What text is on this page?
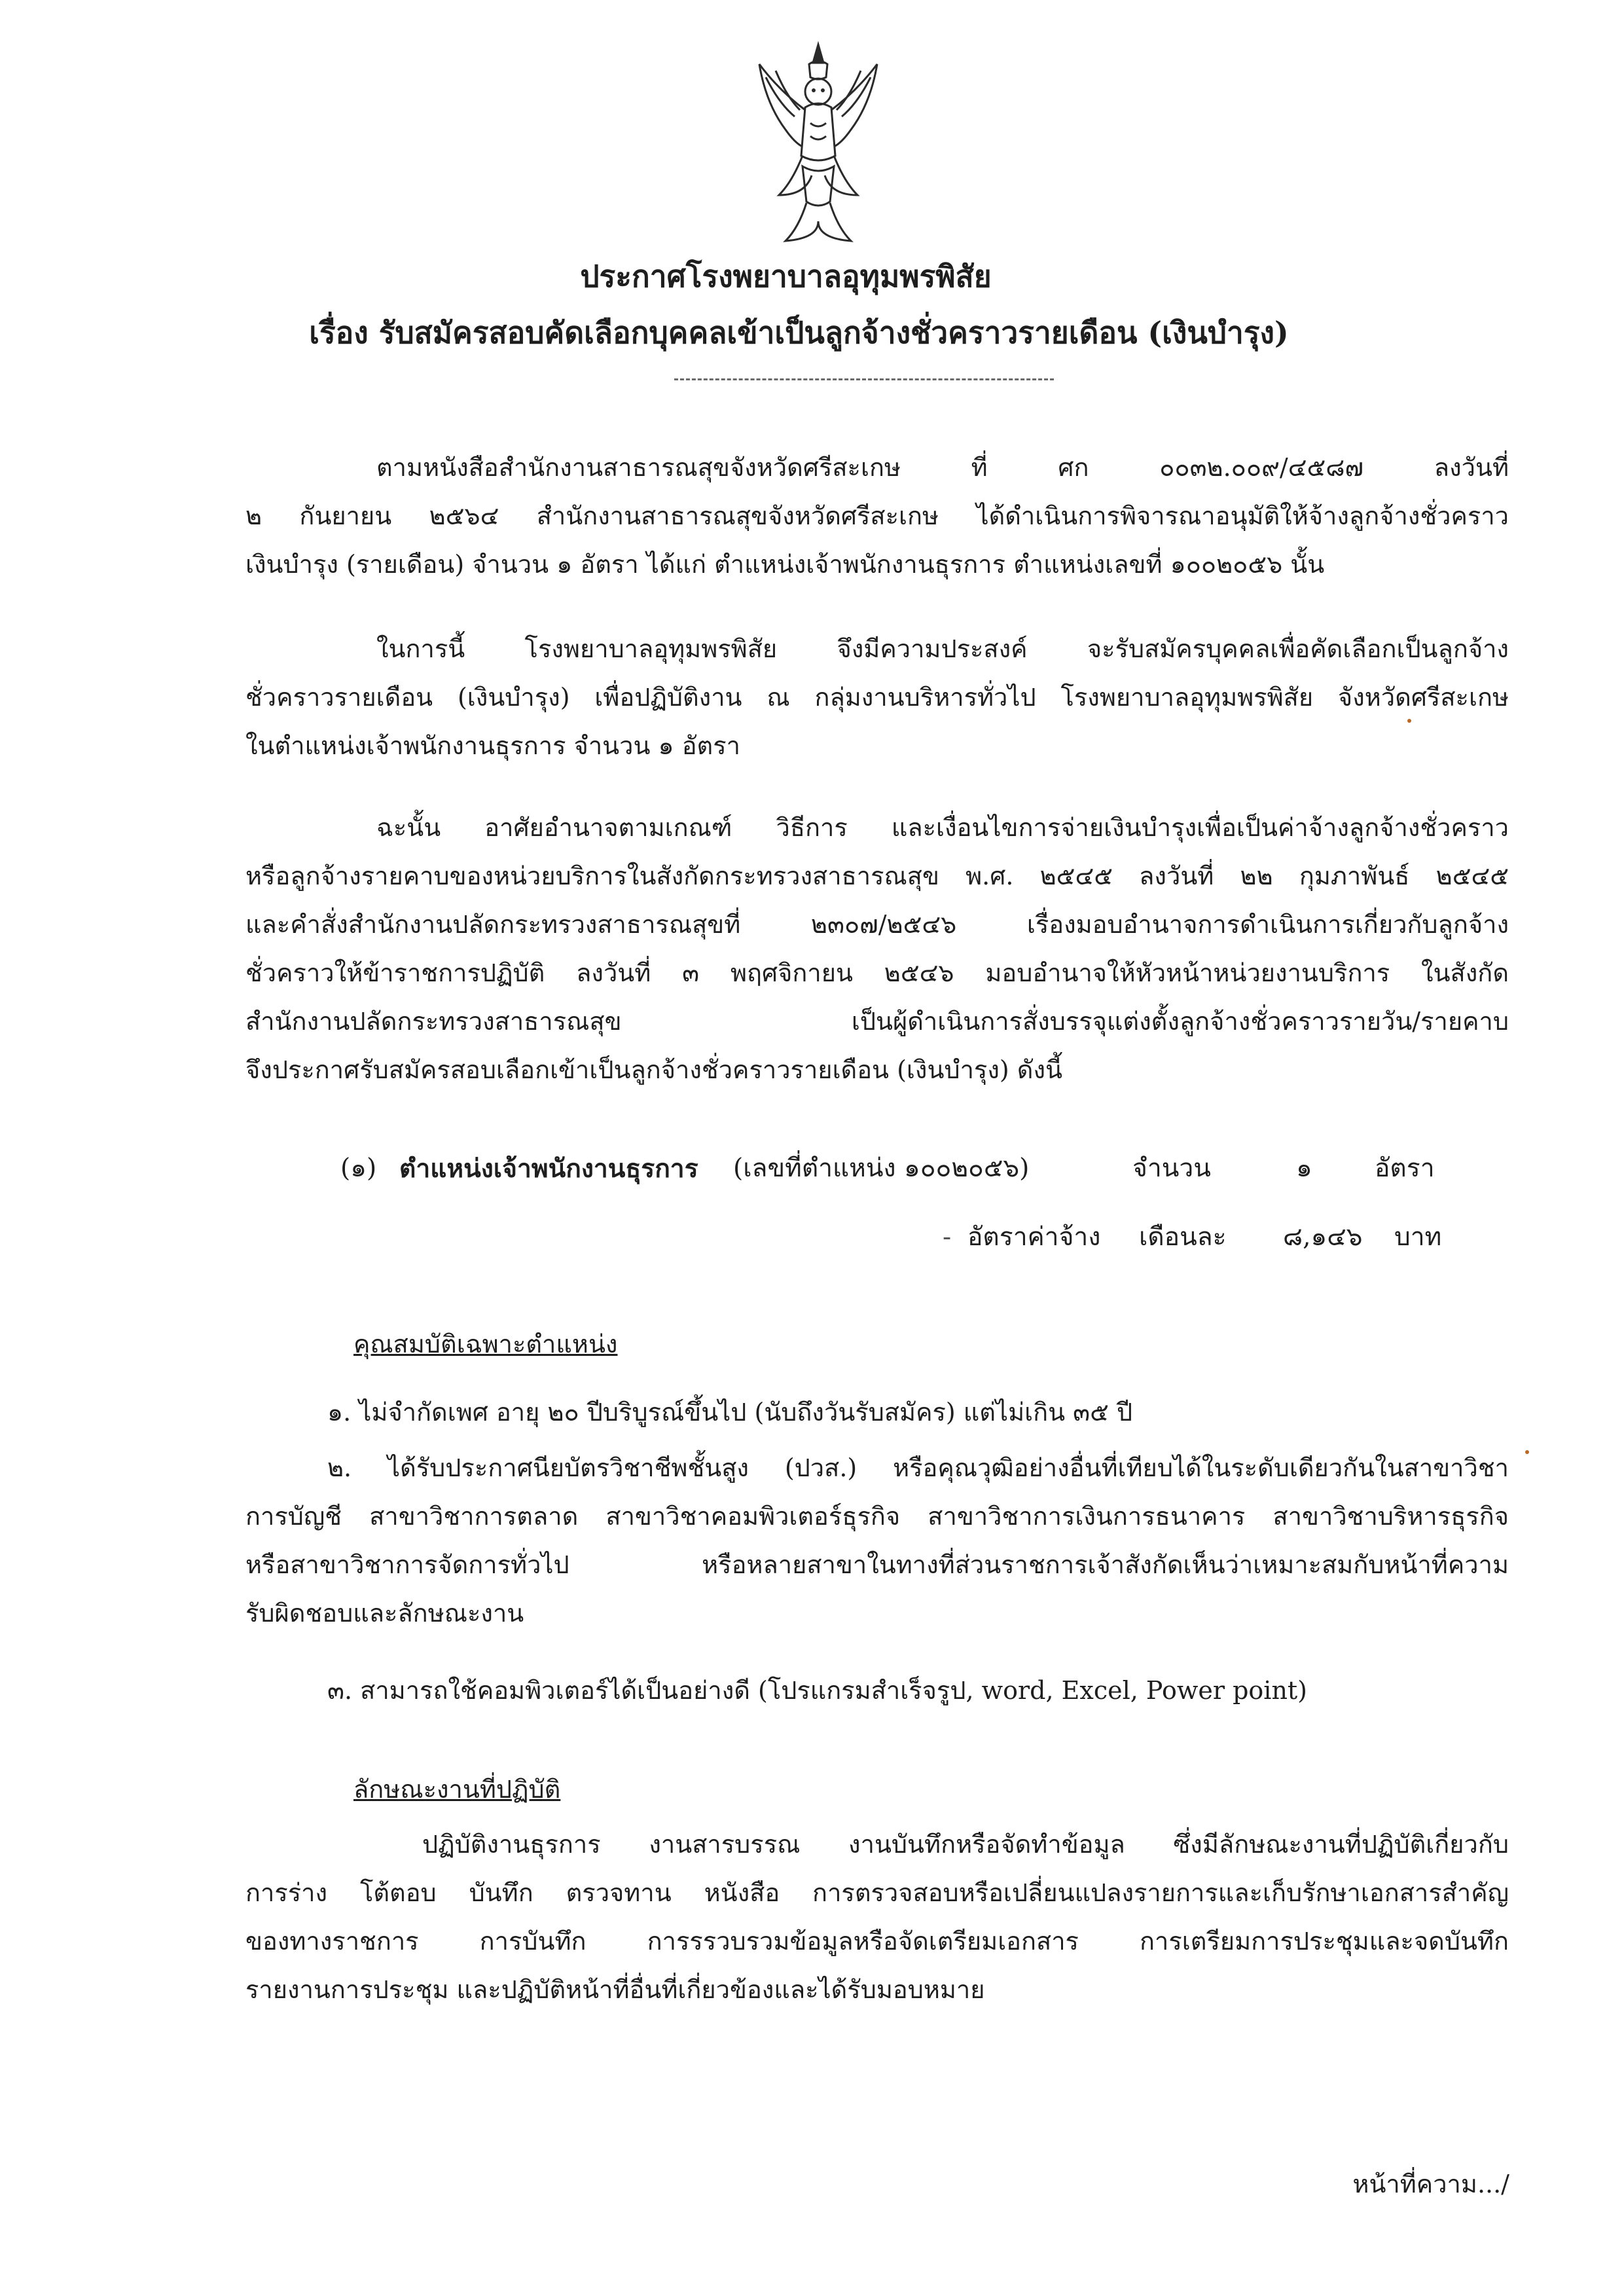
ประกาศโรงพยาบาลอุทุมพรพิสัย
เรื่อง รับสมัครสอบคัดเลือกบุคคลเข้าเป็นลูกจ้างชั่วคราวรายเดือน (เงินบำรุง)
ตามหนังสือสำนักงานสาธารณสุขจังหวัดศรีสะเกษ ที่ ศก ๐๐๓๒.๐๐๙/๔๕๘๗ ลงวันที่
๒ กันยายน ๒๕๖๔ สำนักงานสาธารณสุขจังหวัดศรีสะเกษ ได้ดำเนินการพิจารณาอนุมัติให้จ้างลูกจ้างชั่วคราว
เงินบำรุง (รายเดือน) จำนวน ๑ อัตรา ได้แก่ ตำแหน่งเจ้าพนักงานธุรการ ตำแหน่งเลขที่ ๑๐๐๒๐๕๖ นั้น
ในการนี้ โรงพยาบาลอุทุมพรพิสัย จึงมีความประสงค์ จะรับสมัครบุคคลเพื่อคัดเลือกเป็นลูกจ้าง
ชั่วคราวรายเดือน (เงินบำรุง) เพื่อปฏิบัติงาน ณ กลุ่มงานบริหารทั่วไป โรงพยาบาลอุทุมพรพิสัย จังหวัดศรีสะเกษ
ในตำแหน่งเจ้าพนักงานธุรการ จำนวน ๑ อัตรา
ฉะนั้น อาศัยอำนาจตามเกณฑ์ วิธีการ และเงื่อนไขการจ่ายเงินบำรุงเพื่อเป็นค่าจ้างลูกจ้างชั่วคราว
หรือลูกจ้างรายคาบของหน่วยบริการในสังกัดกระทรวงสาธารณสุข พ.ศ. ๒๕๔๕ ลงวันที่ ๒๒ กุมภาพันธ์ ๒๕๔๕
และคำสั่งสำนักงานปลัดกระทรวงสาธารณสุขที่ ๒๓๐๗/๒๕๔๖ เรื่องมอบอำนาจการดำเนินการเกี่ยวกับลูกจ้าง
ชั่วคราวให้ข้าราชการปฏิบัติ ลงวันที่ ๓ พฤศจิกายน ๒๕๔๖ มอบอำนาจให้หัวหน้าหน่วยงานบริการ ในสังกัด
สำนักงานปลัดกระทรวงสาธารณสุข เป็นผู้ดำเนินการสั่งบรรจุแต่งตั้งลูกจ้างชั่วคราวรายวัน/รายคาบ
จึงประกาศรับสมัครสอบเลือกเข้าเป็นลูกจ้างชั่วคราวรายเดือน (เงินบำรุง) ดังนี้
(๑) ตำแหน่งเจ้าพนักงานธุรการ (เลขที่ตำแหน่ง ๑๐๐๒๐๕๖)	จำนวน	๑ อัตรา
- อัตราค่าจ้าง เดือนละ ๘,๑๔๖ บาท
คุณสมบัติเฉพาะตำแหน่ง
๑. ไม่จำกัดเพศ อายุ ๒๐ ปีบริบูรณ์ขึ้นไป (นับถึงวันรับสมัคร) แต่ไม่เกิน ๓๕ ปี
๒. ได้รับประกาศนียบัตรวิชาชีพชั้นสูง (ปวส.) หรือคุณวุฒิอย่างอื่นที่เทียบได้ในระดับเดียวกันในสาขาวิชา
การบัญชี สาขาวิชาการตลาด สาขาวิชาคอมพิวเตอร์ธุรกิจ สาขาวิชาการเงินการธนาคาร สาขาวิชาบริหารธุรกิจ
หรือสาขาวิชาการจัดการทั่วไป หรือหลายสาขาในทางที่ส่วนราชการเจ้าสังกัดเห็นว่าเหมาะสมกับหน้าที่ความ
รับผิดชอบและลักษณะงาน
๓. สามารถใช้คอมพิวเตอร์ได้เป็นอย่างดี (โปรแกรมสำเร็จรูป, word, Excel, Power point)
ลักษณะงานที่ปฏิบัติ
ปฏิบัติงานธุรการ งานสารบรรณ งานบันทึกหรือจัดทำข้อมูล ซึ่งมีลักษณะงานที่ปฏิบัติเกี่ยวกับ
การร่าง โต้ตอบ บันทึก ตรวจทาน หนังสือ การตรวจสอบหรือเปลี่ยนแปลงรายการและเก็บรักษาเอกสารสำคัญ
ของทางราชการ การบันทึก การรรวบรวมข้อมูลหรือจัดเตรียมเอกสาร การเตรียมการประชุมและจดบันทึก
รายงานการประชุม และปฏิบัติหน้าที่อื่นที่เกี่ยวข้องและได้รับมอบหมาย
หน้าที่ความ.../
